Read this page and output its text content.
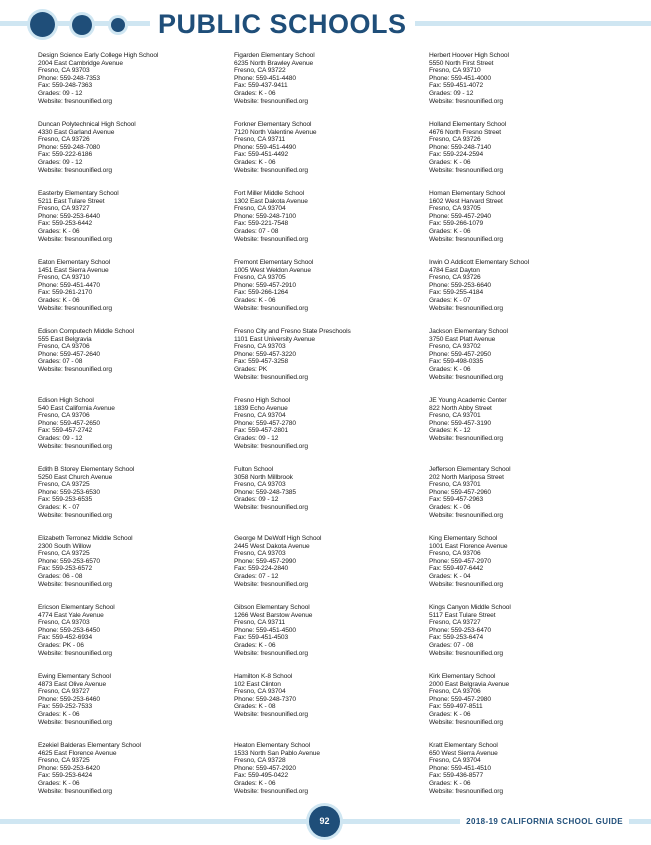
PUBLIC SCHOOLS
Design Science Early College High School
2004 East Cambridge Avenue
Fresno, CA 93703
Phone: 559-248-7353
Fax: 559-248-7363
Grades: 09 - 12
Website: fresnounified.org
Duncan Polytechnical High School
4330 East Garland Avenue
Fresno, CA 93726
Phone: 559-248-7080
Fax: 559-222-6186
Grades: 09 - 12
Website: fresnounified.org
Easterby Elementary School
5211 East Tulare Street
Fresno, CA 93727
Phone: 559-253-6440
Fax: 559-253-6442
Grades: K - 06
Website: fresnounified.org
Eaton Elementary School
1451 East Sierra Avenue
Fresno, CA 93710
Phone: 559-451-4470
Fax: 559-261-2170
Grades: K - 06
Website: fresnounified.org
Edison Computech Middle School
555 East Belgravia
Fresno, CA 93706
Phone: 559-457-2640
Grades: 07 - 08
Website: fresnounified.org
Edison High School
540 East California Avenue
Fresno, CA 93706
Phone: 559-457-2650
Fax: 559-457-2742
Grades: 09 - 12
Website: fresnounified.org
Edith B Storey Elementary School
5250 East Church Avenue
Fresno, CA 93725
Phone: 559-253-6530
Fax: 559-253-6535
Grades: K - 07
Website: fresnounified.org
Elizabeth Terronez Middle School
2300 South Willow
Fresno, CA 93725
Phone: 559-253-6570
Fax: 559-253-6572
Grades: 06 - 08
Website: fresnounified.org
Ericson Elementary School
4774 East Yale Avenue
Fresno, CA 93703
Phone: 559-253-6450
Fax: 559-452-6934
Grades: PK - 06
Website: fresnounified.org
Ewing Elementary School
4873 East Olive Avenue
Fresno, CA 93727
Phone: 559-253-6460
Fax: 559-252-7533
Grades: K - 06
Website: fresnounified.org
Ezekiel Balderas Elementary School
4625 East Florence Avenue
Fresno, CA 93725
Phone: 559-253-6420
Fax: 559-253-6424
Grades: K - 06
Website: fresnounified.org
Figarden Elementary School
6235 North Brawley Avenue
Fresno, CA 93722
Phone: 559-451-4480
Fax: 559-437-9411
Grades: K - 06
Website: fresnounified.org
Forkner Elementary School
7120 North Valentine Avenue
Fresno, CA 93711
Phone: 559-451-4490
Fax: 559-451-4492
Grades: K - 06
Website: fresnounified.org
Fort Miller Middle School
1302 East Dakota Avenue
Fresno, CA 93704
Phone: 559-248-7100
Fax: 559-221-7548
Grades: 07 - 08
Website: fresnounified.org
Fremont Elementary School
1005 West Weldon Avenue
Fresno, CA 93705
Phone: 559-457-2910
Fax: 559-266-1264
Grades: K - 06
Website: fresnounified.org
Fresno City and Fresno State Preschools
1101 East University Avenue
Fresno, CA 93703
Phone: 559-457-3220
Fax: 559-457-3258
Grades: PK
Website: fresnounified.org
Fresno High School
1839 Echo Avenue
Fresno, CA 93704
Phone: 559-457-2780
Fax: 559-457-2801
Grades: 09 - 12
Website: fresnounified.org
Fulton School
3058 North Millbrook
Fresno, CA 93703
Phone: 559-248-7385
Grades: 09 - 12
Website: fresnounified.org
George M DeWolf High School
2445 West Dakota Avenue
Fresno, CA 93703
Phone: 559-457-2990
Fax: 559-224-2840
Grades: 07 - 12
Website: fresnounified.org
Gibson Elementary School
1266 West Barstow Avenue
Fresno, CA 93711
Phone: 559-451-4500
Fax: 559-451-4503
Grades: K - 06
Website: fresnounified.org
Hamilton K-8 School
102 East Clinton
Fresno, CA 93704
Phone: 559-248-7370
Grades: K - 08
Website: fresnounified.org
Heaton Elementary School
1533 North San Pablo Avenue
Fresno, CA 93728
Phone: 559-457-2920
Fax: 559-495-0422
Grades: K - 06
Website: fresnounified.org
Herbert Hoover High School
5550 North First Street
Fresno, CA 93710
Phone: 559-451-4000
Fax: 559-451-4072
Grades: 09 - 12
Website: fresnounified.org
Holland Elementary School
4676 North Fresno Street
Fresno, CA 93726
Phone: 559-248-7140
Fax: 559-224-2594
Grades: K - 06
Website: fresnounified.org
Homan Elementary School
1602 West Harvard Street
Fresno, CA 93705
Phone: 559-457-2940
Fax: 559-266-1079
Grades: K - 06
Website: fresnounified.org
Irwin O Addicott Elementary School
4784 East Dayton
Fresno, CA 93726
Phone: 559-253-6640
Fax: 559-255-4184
Grades: K - 07
Website: fresnounified.org
Jackson Elementary School
3750 East Platt Avenue
Fresno, CA 93702
Phone: 559-457-2950
Fax: 559-498-0335
Grades: K - 06
Website: fresnounified.org
JE Young Academic Center
822 North Abby Street
Fresno, CA 93701
Phone: 559-457-3190
Grades: K - 12
Website: fresnounified.org
Jefferson Elementary School
202 North Mariposa Street
Fresno, CA 93701
Phone: 559-457-2960
Fax: 559-457-2963
Grades: K - 06
Website: fresnounified.org
King Elementary School
1001 East Florence Avenue
Fresno, CA 93706
Phone: 559-457-2970
Fax: 559-497-6442
Grades: K - 04
Website: fresnounified.org
Kings Canyon Middle School
5117 East Tulare Street
Fresno, CA 93727
Phone: 559-253-6470
Fax: 559-253-6474
Grades: 07 - 08
Website: fresnounified.org
Kirk Elementary School
2000 East Belgravia Avenue
Fresno, CA 93706
Phone: 559-457-2980
Fax: 559-497-8511
Grades: K - 06
Website: fresnounified.org
Kratt Elementary School
650 West Sierra Avenue
Fresno, CA 93704
Phone: 559-451-4510
Fax: 559-436-8577
Grades: K - 06
Website: fresnounified.org
92	2018-19 CALIFORNIA SCHOOL GUIDE
